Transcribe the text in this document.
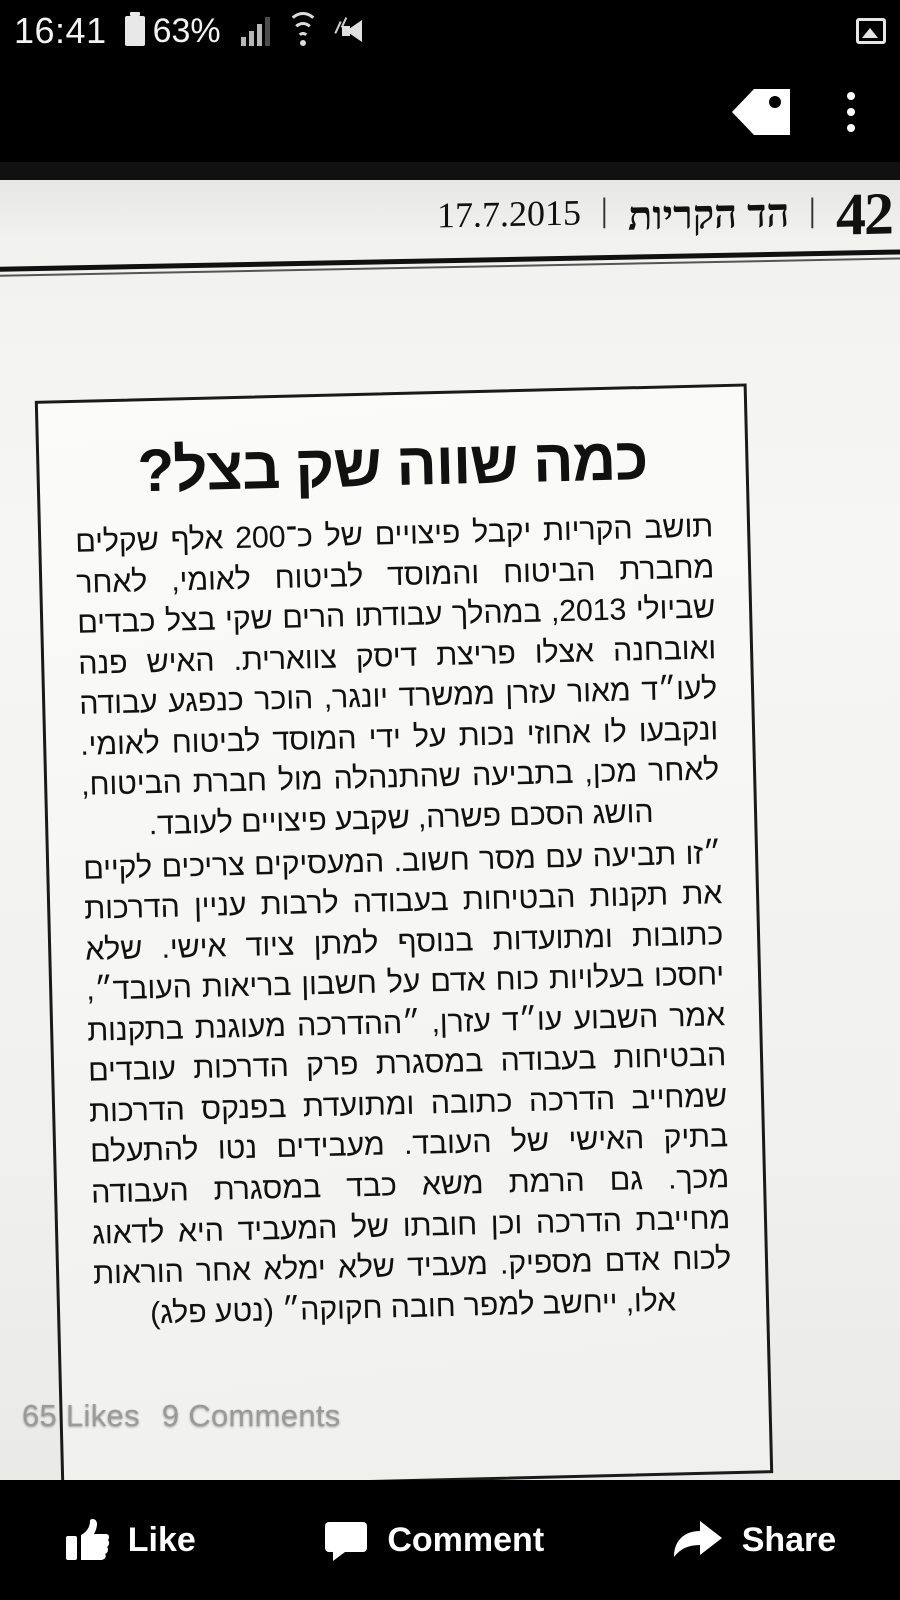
16:41 63%
42
׀
הד הקריות
׀
17.7.2015
כמה שווה שק בצל?

תושב הקריות יקבל פיצויים של כ־200 אלף שקלים מחברת הביטוח והמוסד לביטוח לאומי, לאחר שביולי 2013, במהלך עבודתו הרים שקי בצל כבדים ואובחנה אצלו פריצת דיסק צווארית. האיש פנה לעו״ד מאור עזרן ממשרד יונגר, הוכר כנפגע עבודה ונקבעו לו אחוזי נכות על ידי המוסד לביטוח לאומי. לאחר מכן, בתביעה שהתנהלה מול חברת הביטוח, הושג הסכם פשרה, שקבע פיצויים לעובד.

״זו תביעה עם מסר חשוב. המעסיקים צריכים לקיים את תקנות הבטיחות בעבודה לרבות עניין הדרכות כתובות ומתועדות בנוסף למתן ציוד אישי. שלא יחסכו בעלויות כוח אדם על חשבון בריאות העובד״, אמר השבוע עו״ד עזרן, ״ההדרכה מעוגנת בתקנות הבטיחות בעבודה במסגרת פרק הדרכות עובדים שמחייב הדרכה כתובה ומתועדת בפנקס הדרכות בתיק האישי של העובד. מעבידים נטו להתעלם מכך. גם הרמת משא כבד במסגרת העבודה מחייבת הדרכה וכן חובתו של המעביד היא לדאוג לכוח אדם מספיק. מעביד שלא ימלא אחר הוראות אלו, ייחשב למפר חובה חקוקה״ (נטע פלג)

65 Likes 9 Comments
Like	Comment	Share
